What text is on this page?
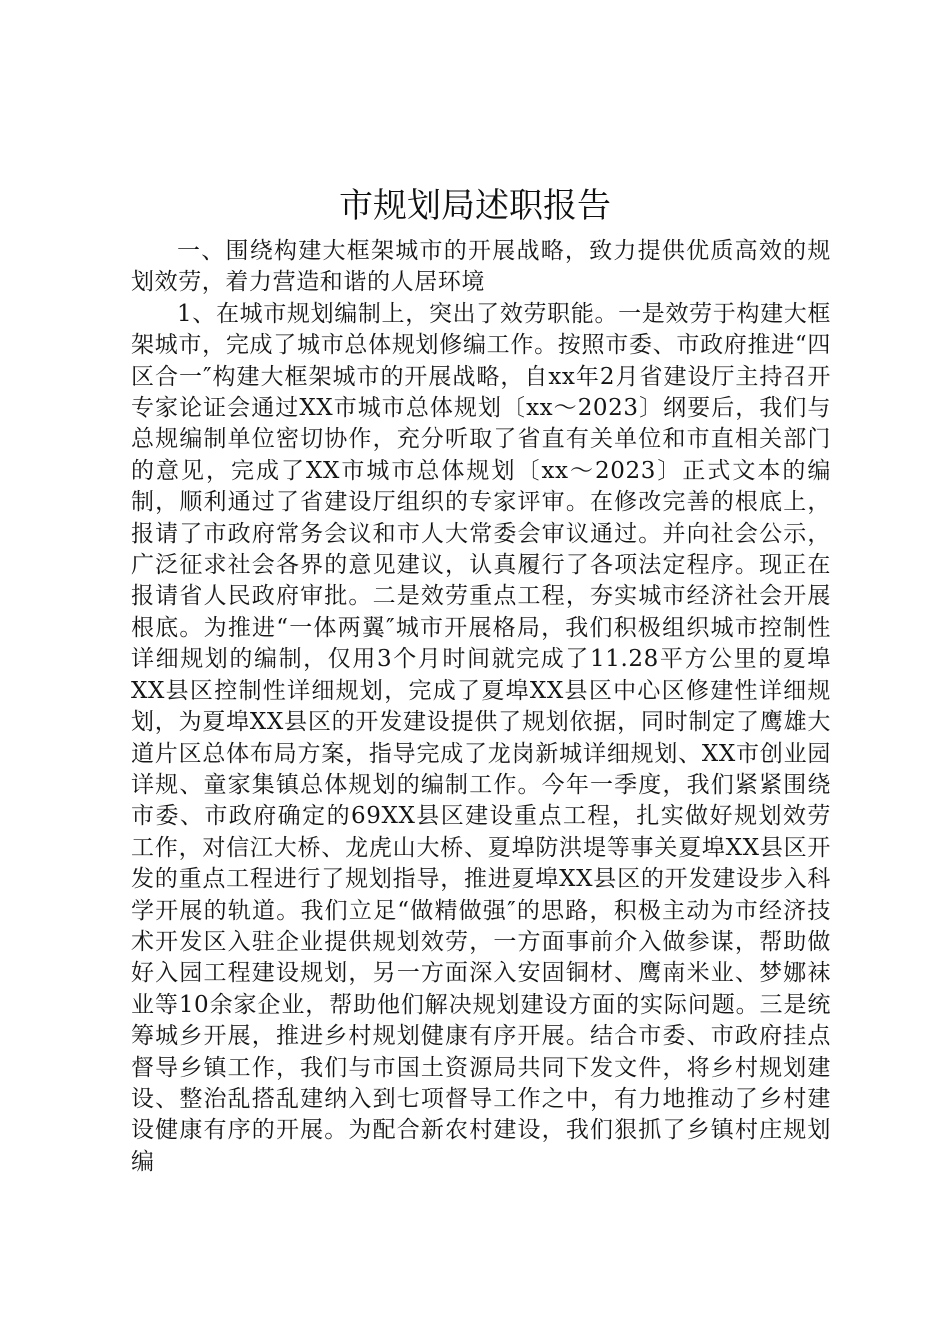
市规划局述职报告

一、围绕构建大框架城市的开展战略，致力提供优质高效的规划效劳，着力营造和谐的人居环境

1、在城市规划编制上，突出了效劳职能。一是效劳于构建大框架城市，完成了城市总体规划修编工作。按照市委、市政府推进“四区合一″构建大框架城市的开展战略，自xx年2月省建设厅主持召开专家论证会通过XX市城市总体规划〔xx～2023〕纲要后，我们与总规编制单位密切协作，充分听取了省直有关单位和市直相关部门的意见，完成了XX市城市总体规划〔xx～2023〕正式文本的编制，顺利通过了省建设厅组织的专家评审。在修改完善的根底上，报请了市政府常务会议和市人大常委会审议通过。并向社会公示，广泛征求社会各界的意见建议，认真履行了各项法定程序。现正在报请省人民政府审批。二是效劳重点工程，夯实城市经济社会开展根底。为推进“一体两翼″城市开展格局，我们积极组织城市控制性详细规划的编制，仅用3个月时间就完成了11.28平方公里的夏埠XX县区控制性详细规划，完成了夏埠XX县区中心区修建性详细规划，为夏埠XX县区的开发建设提供了规划依据，同时制定了鹰雄大道片区总体布局方案，指导完成了龙岗新城详细规划、XX市创业园详规、童家集镇总体规划的编制工作。今年一季度，我们紧紧围绕市委、市政府确定的69XX县区建设重点工程，扎实做好规划效劳工作，对信江大桥、龙虎山大桥、夏埠防洪堤等事关夏埠XX县区开发的重点工程进行了规划指导，推进夏埠XX县区的开发建设步入科学开展的轨道。我们立足“做精做强″的思路，积极主动为市经济技术开发区入驻企业提供规划效劳，一方面事前介入做参谋，帮助做好入园工程建设规划，另一方面深入安固铜材、鹰南米业、梦娜袜业等10余家企业，帮助他们解决规划建设方面的实际问题。三是统筹城乡开展，推进乡村规划健康有序开展。结合市委、市政府挂点督导乡镇工作，我们与市国土资源局共同下发文件，将乡村规划建设、整治乱搭乱建纳入到七项督导工作之中，有力地推动了乡村建设健康有序的开展。为配合新农村建设，我们狠抓了乡镇村庄规划编
